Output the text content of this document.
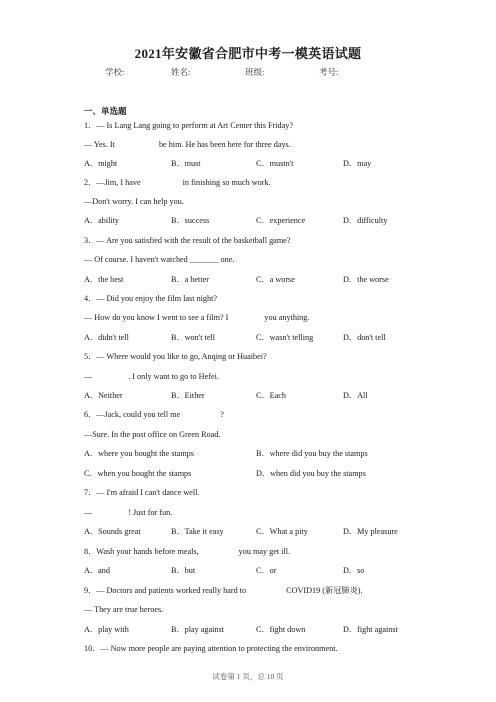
2021年安徽省合肥市中考一模英语试题
学校:	姓名:	班级:	考号:
一、单选题
1．— Is Lang Lang going to perform at Art Center this Friday?
— Yes. It	be him. He has been here for three days.
A．might	B．must	C．mustn't	D．may
2．—Jim, I have	in finishing so much work.
—Don't worry. I can help you.
A．ability	B．success	C．experience	D．difficulty
3．— Are you satisfied with the result of the basketball game?
— Of course. I haven't watched _______ one.
A．the best	B．a better	C．a worse	D．the worse
4．— Did you enjoy the film last night?
— How do you know I went to see a film? I	you anything.
A．didn't tell	B．won't tell	C．wasn't telling	D．don't tell
5．— Where would you like to go, Anqing or Huaibei?
—	. I only want to go to Hefei.
A．Neither	B．Either	C．Each	D．All
6．—Jack, could you tell me	?
—Sure. In the post office on Green Road.
A．where you bought the stamps	B．where did you buy the stamps
C．when you bought the stamps	D．when did you buy the stamps
7．— I'm afraid I can't dance well.
—	! Just for fun.
A．Sounds great	B．Take it easy	C．What a pity	D．My pleasure
8．Wash your hands before meals,	you may get ill.
A．and	B．but	C．or	D．so
9．— Doctors and patients worked really hard to	COVID19 (新冠肺炎).
— They are true heroes.
A．play with	B．play against	C．fight down	D．fight against
10．— Now more people are paying attention to protecting the environment.
试卷第 1 页，总 10 页
